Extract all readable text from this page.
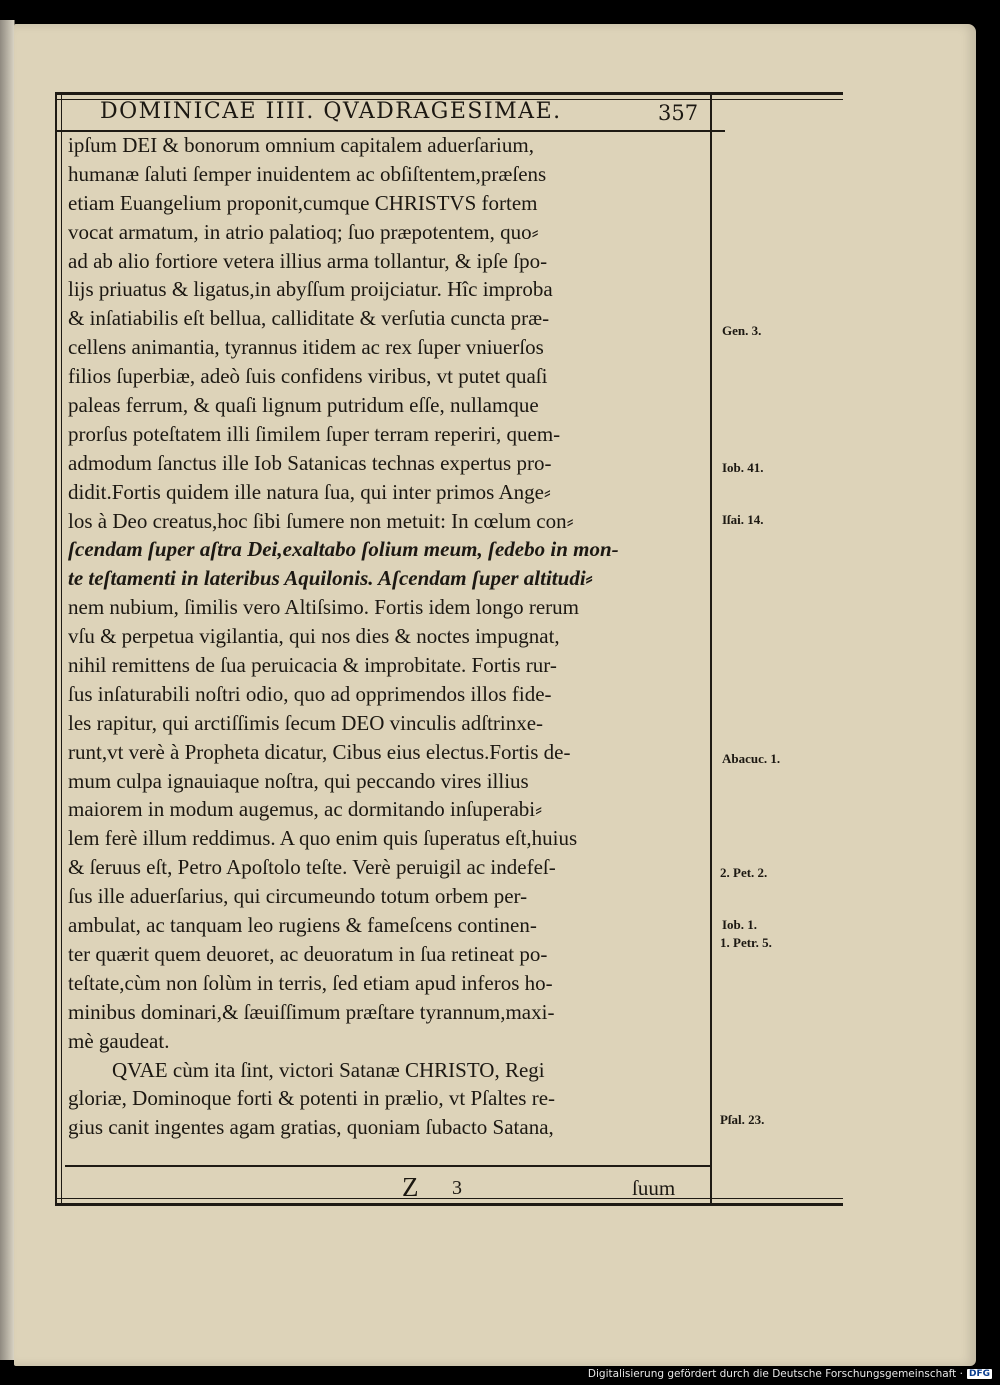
DOMINICAE IIII. QVADRAGESIMAE.	357
ipſum DEI & bonorum omnium capitalem aduerſarium,
humanæ ſaluti ſemper inuidentem ac obſiſtentem,præſens
etiam Euangelium proponit,cumque CHRISTVS fortem
vocat armatum, in atrio palatioq; ſuo præpotentem, quo⸗
ad ab alio fortiore vetera illius arma tollantur, & ipſe ſpo-
lijs priuatus & ligatus,in abyſſum proijciatur. Hîc improba
& inſatiabilis eſt bellua, calliditate & verſutia cuncta præ-
cellens animantia, tyrannus itidem ac rex ſuper vniuerſos
filios ſuperbiæ, adeò ſuis confidens viribus, vt putet quaſi
paleas ferrum, & quaſi lignum putridum eſſe, nullamque
prorſus poteſtatem illi ſimilem ſuper terram reperiri, quem-
admodum ſanctus ille Iob Satanicas technas expertus pro-
didit.Fortis quidem ille natura ſua, qui inter primos Ange⸗
los à Deo creatus,hoc ſibi ſumere non metuit: In cœlum con⸗
ſcendam ſuper aſtra Dei,exaltabo ſolium meum, ſedebo in mon-
te teſtamenti in lateribus Aquilonis. Aſcendam ſuper altitudi⸗
nem nubium, ſimilis vero Altiſsimo. Fortis idem longo rerum
vſu & perpetua vigilantia, qui nos dies & noctes impugnat,
nihil remittens de ſua peruicacia & improbitate. Fortis rur-
ſus inſaturabili noſtri odio, quo ad opprimendos illos fide-
les rapitur, qui arctiſſimis ſecum DEO vinculis adſtrinxe-
runt,vt verè à Propheta dicatur, Cibus eius electus.Fortis de-
mum culpa ignauiaque noſtra, qui peccando vires illius
maiorem in modum augemus, ac dormitando inſuperabi⸗
lem ferè illum reddimus. A quo enim quis ſuperatus eſt,huius
& ſeruus eſt, Petro Apoſtolo teſte. Verè peruigil ac indefeſ-
ſus ille aduerſarius, qui circumeundo totum orbem per-
ambulat, ac tanquam leo rugiens & fameſcens continen-
ter quærit quem deuoret, ac deuoratum in ſua retineat po-
teſtate,cùm non ſolùm in terris, ſed etiam apud inferos ho-
minibus dominari,& ſæuiſſimum præſtare tyrannum,maxi-
mè gaudeat.
QVAE cùm ita ſint, victori Satanæ CHRISTO, Regi
gloriæ, Dominoque forti & potenti in prælio, vt Pſaltes re-
gius canit ingentes agam gratias, quoniam ſubacto Satana,
Gen. 3.
Iob. 41.
Iſai. 14.
Abacuc. 1.
2. Pet. 2.
Iob. 1.
1. Petr. 5.
Pſal. 23.
Z 3	ſuum
Digitalisierung gefördert durch die Deutsche Forschungsgemeinschaft · DFG
